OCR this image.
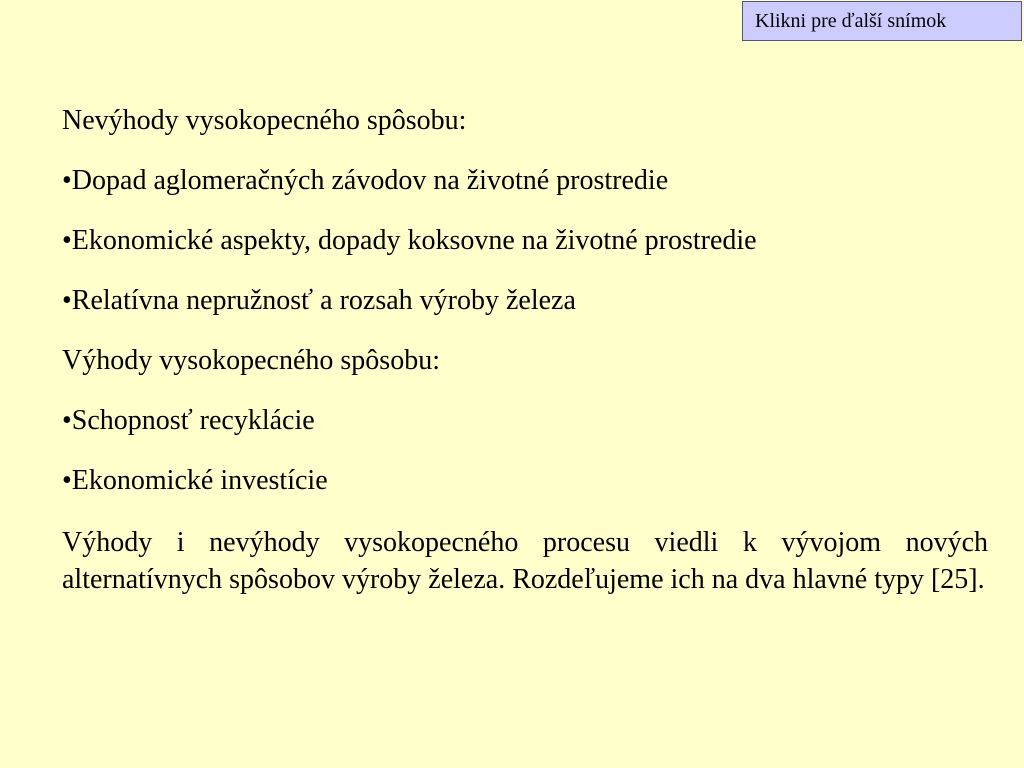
Klikni pre ďalší snímok

Nevýhody vysokopecného spôsobu:

•Dopad aglomeračných závodov na životné prostredie

•Ekonomické aspekty, dopady koksovne na životné prostredie

•Relatívna nepružnosť a rozsah výroby železa

Výhody vysokopecného spôsobu:

•Schopnosť recyklácie

•Ekonomické investície

Výhody i nevýhody vysokopecného procesu viedli k vývojom nových alternatívnych spôsobov výroby železa. Rozdeľujeme ich na dva hlavné typy [25].
